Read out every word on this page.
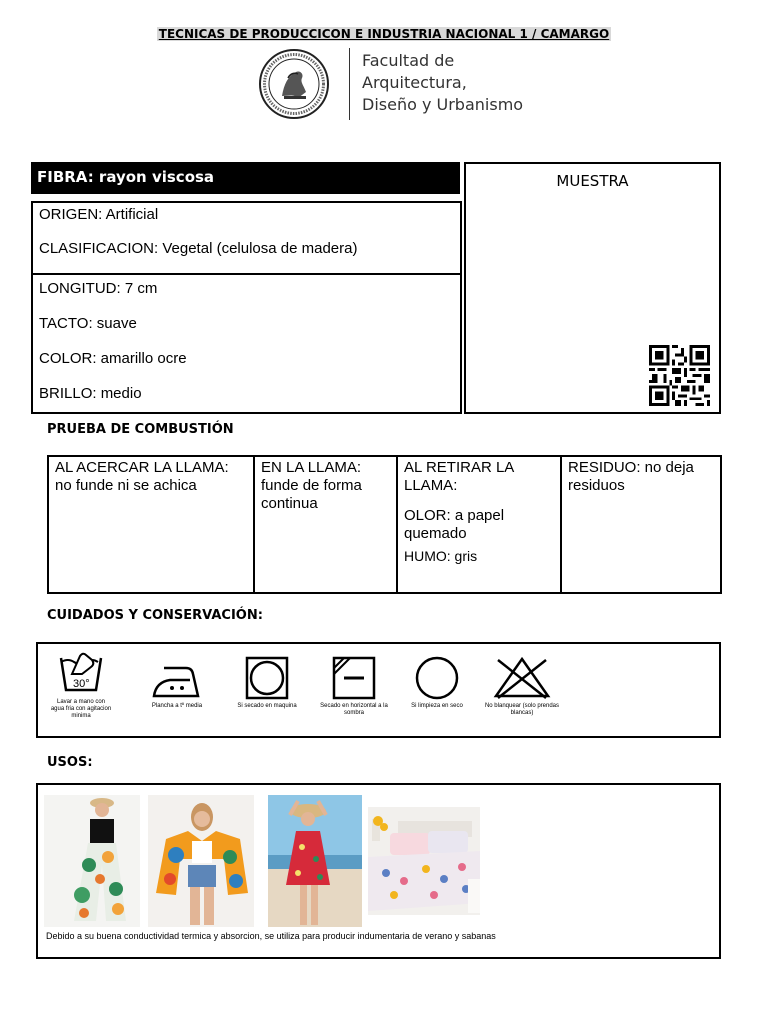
TECNICAS DE PRODUCCICON E INDUSTRIA NACIONAL 1 / CAMARGO
Facultad de
Arquitectura,
Diseño y Urbanismo
FIBRA: rayon viscosa
ORIGEN: Artificial
CLASIFICACION: Vegetal (celulosa de madera)
LONGITUD: 7 cm
TACTO: suave
COLOR: amarillo ocre
BRILLO: medio
MUESTRA
PRUEBA DE COMBUSTIÓN
AL ACERCAR LA LLAMA: no funde ni se achica
EN LA LLAMA: funde de forma continua
AL RETIRAR LA LLAMA:
OLOR: a papel quemado
HUMO: gris
RESIDUO: no deja residuos
CUIDADOS Y CONSERVACIÓN:
30°
Lavar a mano con agua fria con agitacion minima
Plancha a tº media	Si secado en maquina	Secado en horizontal a la sombra
Si limpieza en seco	No blanquear (solo prendas blancas)
USOS:
Debido a su buena conductividad termica y absorcion, se utiliza para producir indumentaria de verano y sabanas
